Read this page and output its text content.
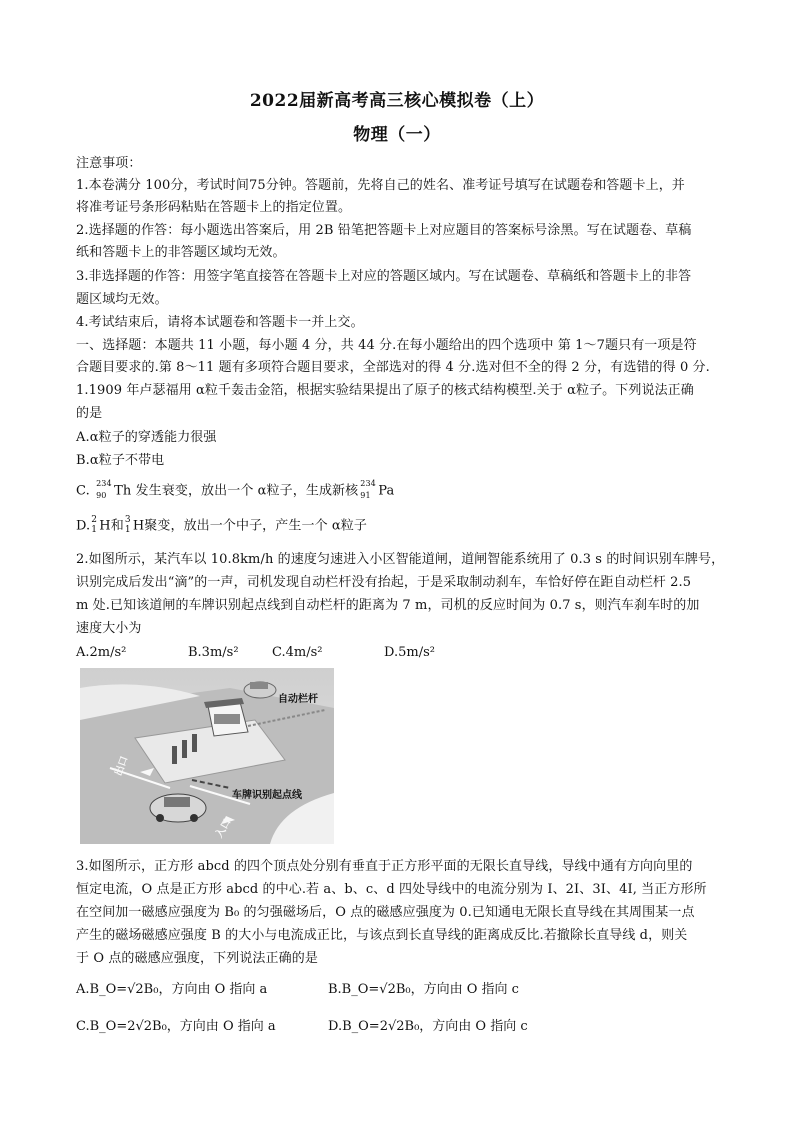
2022届新高考高三核心模拟卷（上）
物理（一）
注意事项：
1.本卷满分 100分，考试时间75分钟。答题前，先将自己的姓名、准考证号填写在试题卷和答题卡上，并
将准考证号条形码粘贴在答题卡上的指定位置。
2.选择题的作答：每小题选出答案后，用 2B 铅笔把答题卡上对应题目的答案标号涂黑。写在试题卷、草稿
纸和答题卡上的非答题区域均无效。
3.非选择题的作答：用签字笔直接答在答题卡上对应的答题区域内。写在试题卷、草稿纸和答题卡上的非答
题区域均无效。
4.考试结束后，请将本试题卷和答题卡一并上交。
一、选择题：本题共 11 小题，每小题 4 分，共 44 分.在每小题给出的四个选项中 第 1～7题只有一项是符
合题目要求的.第 8～11 题有多项符合题目要求，全部选对的得 4 分.选对但不全的得 2 分，有选错的得 0 分.
1.1909 年卢瑟福用 α粒千轰击金箔，根据实验结果提出了原子的核式结构模型.关于 α粒子。下列说法正确
的是
A.α粒子的穿透能力很强
B.α粒子不带电
C. 234
90 Th 发生衰变，放出一个 α粒子，生成新核 234
91 Pa
D. 2
1 H和 3
1 H聚变，放出一个中子，产生一个 α粒子
2.如图所示，某汽车以 10.8km/h 的速度匀速进入小区智能道闸，道闸智能系统用了 0.3 s 的时间识别车牌号，
识别完成后发出“滴”的一声，司机发现自动栏杆没有抬起，于是采取制动刹车，车恰好停在距自动栏杆 2.5
m 处.已知该道闸的车牌识别起点线到自动栏杆的距离为 7 m，司机的反应时间为 0.7 s，则汽车刹车时的加
速度大小为
A.2m/s²	B.3m/s²	C.4m/s²	D.5m/s²
自动栏杆
车牌识别起点线
出口
入口
3.如图所示，正方形 abcd 的四个顶点处分别有垂直于正方形平面的无限长直导线，导线中通有方向向里的
恒定电流，O 点是正方形 abcd 的中心.若 a、b、c、d 四处导线中的电流分别为 I、2I、3I、4I, 当正方形所
在空间加一磁感应强度为 B₀ 的匀强磁场后，O 点的磁感应强度为 0.已知通电无限长直导线在其周围某一点
产生的磁场磁感应强度 B 的大小与电流成正比，与该点到长直导线的距离成反比.若撤除长直导线 d，则关
于 O 点的磁感应强度，下列说法正确的是
A.B_O=√2B₀，方向由 O 指向 a	B.B_O=√2B₀，方向由 O 指向 c
C.B_O=2√2B₀，方向由 O 指向 a	D.B_O=2√2B₀，方向由 O 指向 c
